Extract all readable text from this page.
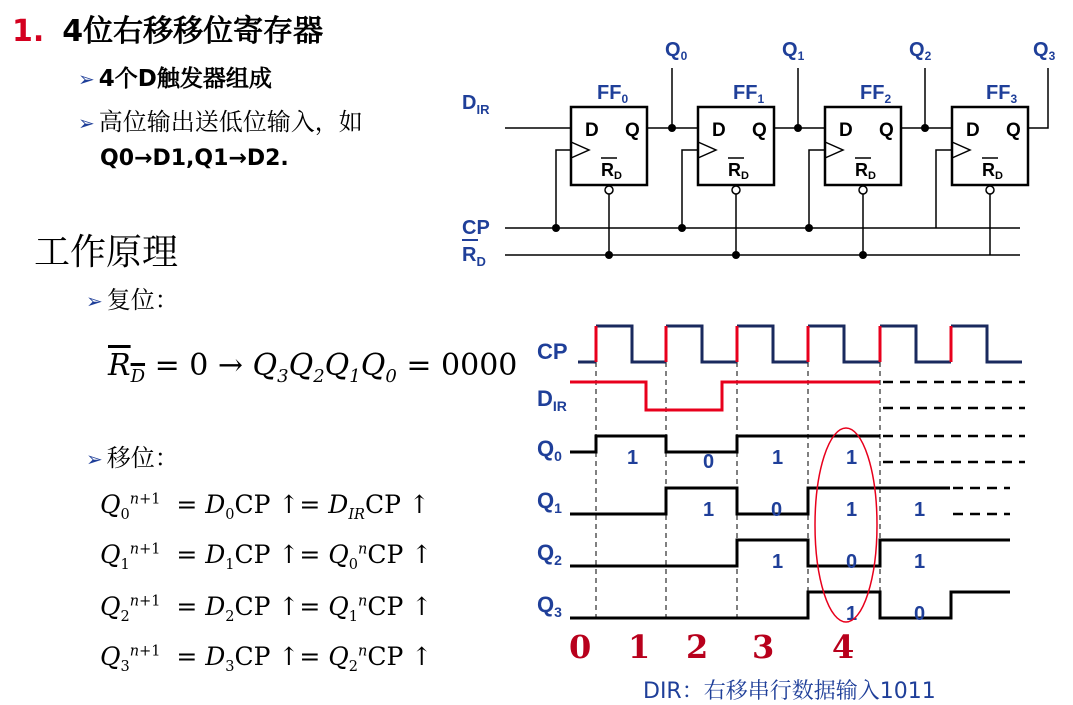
1. 4位右移移位寄存器
➢ 4个D触发器组成
➢ 高位输出送低位输入，如
Q0→D1,Q1→D2.
工作原理
➢ 复位：
$R_D = 0 \to Q_3Q_2Q_1Q_0 = 0000$
➢ 移位：
$Q_0^{n+1} = D_0CP$ ↑= $D_{IR}CP$ ↑
$Q_1^{n+1} = D_1CP$ ↑= $Q_0^nCP$ ↑
$Q_2^{n+1} = D_2CP$ ↑= $Q_1^nCP$ ↑
$Q_3^{n+1} = D_3CP$ ↑= $Q_2^nCP$ ↑
D Q	D Q	D Q	D Q
RD	RD	RD	RD
$FF_0$	$FF_1$	$FF_2$	$FF_3$
$Q_0$	$Q_1$	$Q_2$	$Q_3$
$D_{IR}$
CP
$R_D$
CP
$D_{IR}$
$Q_0$
$Q_1$
$Q_2$
$Q_3$
1	0	1	1
1	0	1	1
1	0	1
1	0
0 1 2 3 4
DIR：右移串行数据输入1011
